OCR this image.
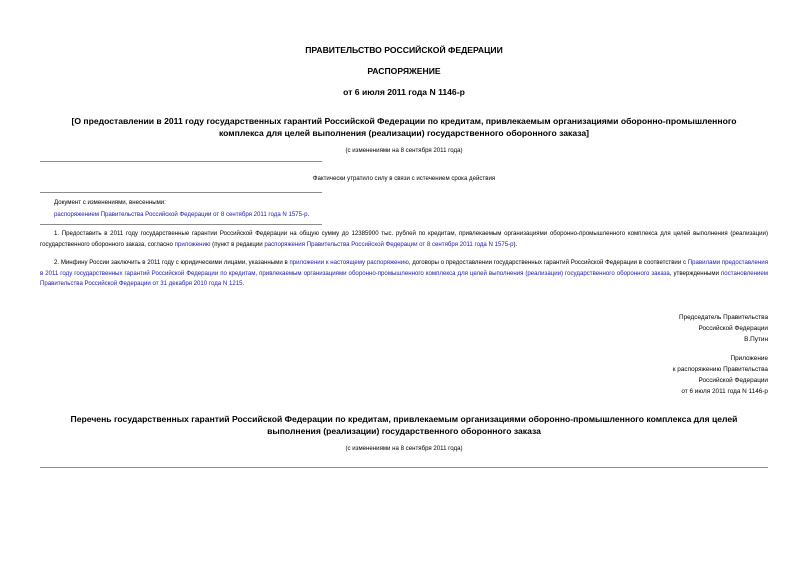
ПРАВИТЕЛЬСТВО РОССИЙСКОЙ ФЕДЕРАЦИИ
РАСПОРЯЖЕНИЕ
от 6 июля 2011 года N 1146-р
[О предоставлении в 2011 году государственных гарантий Российской Федерации по кредитам, привлекаемым организациями оборонно-промышленного
комплекса для целей выполнения (реализации) государственного оборонного заказа]
(с изменениями на 8 сентября 2011 года)
Фактически утратило силу в связи с истечением срока действия
Документ с изменениями, внесенными:
распоряжением Правительства Российской Федерации от 8 сентября 2011 года N 1575-р.
1. Предоставить в 2011 году государственные гарантии Российской Федерации на общую сумму до 12385900 тыс. рублей по кредитам, привлекаемым организациями оборонно-промышленного комплекса для целей выполнения (реализации) государственного оборонного заказа, согласно приложению (пункт в редакции распоряжения Правительства Российской Федерации от 8 сентября 2011 года N 1575-р).
2. Минфину России заключить в 2011 году с юридическими лицами, указанными в приложении к настоящему распоряжению, договоры о предоставлении государственных гарантий Российской Федерации в соответствии с Правилами предоставления в 2011 году государственных гарантий Российской Федерации по кредитам, привлекаемым организациями оборонно-промышленного комплекса для целей выполнения (реализации) государственного оборонного заказа, утвержденными постановлением Правительства Российской Федерации от 31 декабря 2010 года N 1215.
Председатель Правительства
Российской Федерации
В.Путин
Приложение
к распоряжению Правительства
Российской Федерации
от 6 июля 2011 года N 1146-р
Перечень государственных гарантий Российской Федерации по кредитам, привлекаемым организациями оборонно-промышленного комплекса для целей
выполнения (реализации) государственного оборонного заказа
(с изменениями на 8 сентября 2011 года)
